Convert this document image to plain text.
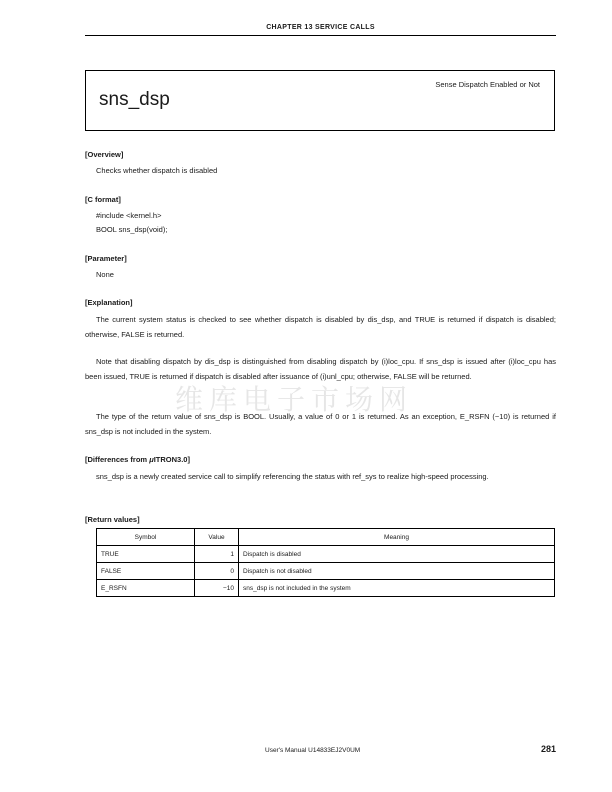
CHAPTER 13 SERVICE CALLS
sns_dsp
Sense Dispatch Enabled or Not
[Overview]
Checks whether dispatch is disabled
[C format]
#include <kernel.h>
BOOL sns_dsp(void);
[Parameter]
None
维库电子市场网
[Explanation]

The current system status is checked to see whether dispatch is disabled by dis_dsp, and TRUE is returned if dispatch is disabled; otherwise, FALSE is returned.

Note that disabling dispatch by dis_dsp is distinguished from disabling dispatch by (i)loc_cpu. If sns_dsp is issued after (i)loc_cpu has been issued, TRUE is returned if dispatch is disabled after issuance of (i)unl_cpu; otherwise, FALSE will be returned.

The type of the return value of sns_dsp is BOOL. Usually, a value of 0 or 1 is returned. As an exception, E_RSFN (−10) is returned if sns_dsp is not included in the system.

[Differences from μITRON3.0]

sns_dsp is a newly created service call to simplify referencing the status with ref_sys to realize high-speed processing.

[Return values]
Symbol	Value	Meaning
TRUE	1	Dispatch is disabled
FALSE	0	Dispatch is not disabled
E_RSFN	−10	sns_dsp is not included in the system
User's Manual U14833EJ2V0UM	281
